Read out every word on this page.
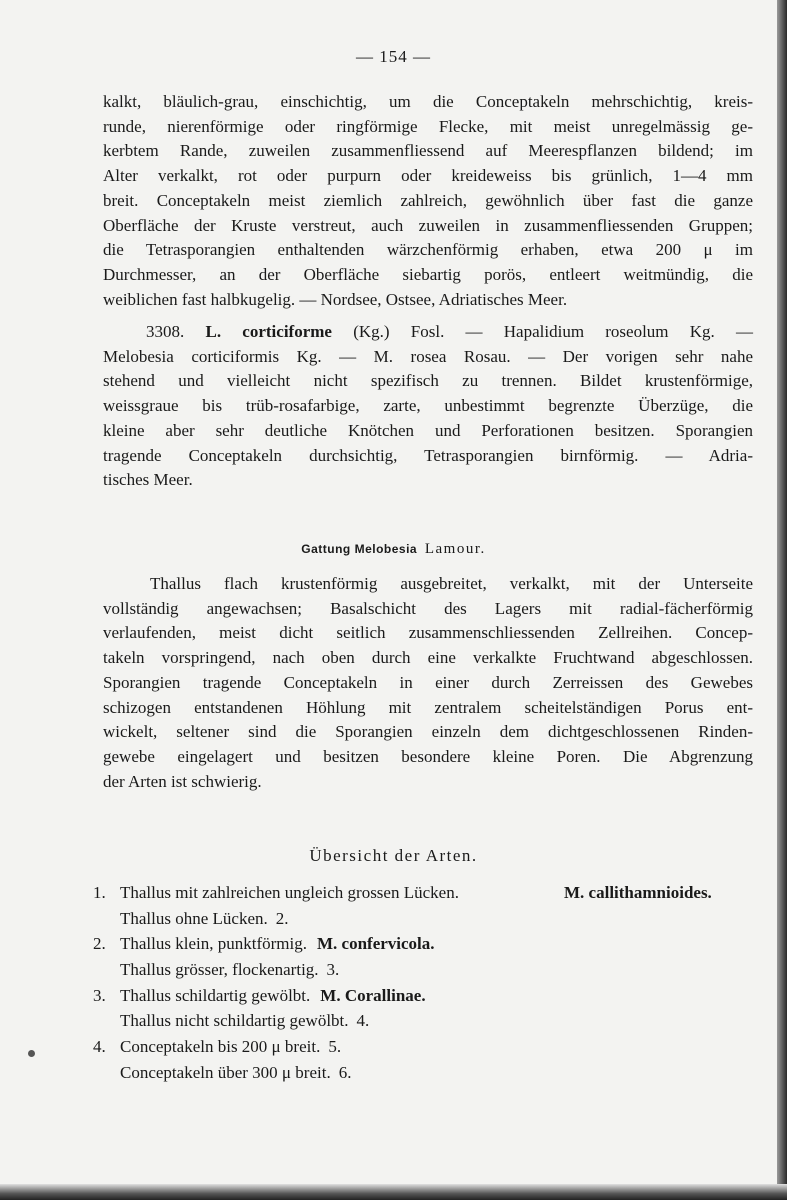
— 154 —
kalkt, bläulich-grau, einschichtig, um die Conceptakeln mehrschichtig, kreis-
runde, nierenförmige oder ringförmige Flecke, mit meist unregelmässig ge-
kerbtem Rande, zuweilen zusammenfliessend auf Meerespflanzen bildend; im
Alter verkalkt, rot oder purpurn oder kreideweiss bis grünlich, 1—4 mm
breit. Conceptakeln meist ziemlich zahlreich, gewöhnlich über fast die ganze
Oberfläche der Kruste verstreut, auch zuweilen in zusammenfliessenden Gruppen;
die Tetrasporangien enthaltenden wärzchenförmig erhaben, etwa 200 μ im
Durchmesser, an der Oberfläche siebartig porös, entleert weitmündig, die
weiblichen fast halbkugelig. — Nordsee, Ostsee, Adriatisches Meer.
3308. L. corticiforme (Kg.) Fosl. — Hapalidium roseolum Kg. —
Melobesia corticiformis Kg. — M. rosea Rosau. — Der vorigen sehr nahe
stehend und vielleicht nicht spezifisch zu trennen. Bildet krustenförmige,
weissgraue bis trüb-rosafarbige, zarte, unbestimmt begrenzte Überzüge, die
kleine aber sehr deutliche Knötchen und Perforationen besitzen. Sporangien
tragende Conceptakeln durchsichtig, Tetrasporangien birnförmig. — Adria-
tisches Meer.
Gattung Melobesia Lamour.
Thallus flach krustenförmig ausgebreitet, verkalkt, mit der Unterseite
vollständig angewachsen; Basalschicht des Lagers mit radial-fächerförmig
verlaufenden, meist dicht seitlich zusammenschliessenden Zellreihen. Concep-
takeln vorspringend, nach oben durch eine verkalkte Fruchtwand abgeschlossen.
Sporangien tragende Conceptakeln in einer durch Zerreissen des Gewebes
schizogen entstandenen Höhlung mit zentralem scheitelständigen Porus ent-
wickelt, seltener sind die Sporangien einzeln dem dichtgeschlossenen Rinden-
gewebe eingelagert und besitzen besondere kleine Poren. Die Abgrenzung
der Arten ist schwierig.
Übersicht der Arten.
1. Thallus mit zahlreichen ungleich grossen Lücken.	M. callithamnioides.
Thallus ohne Lücken. 2.
2. Thallus klein, punktförmig. M. confervicola.
Thallus grösser, flockenartig. 3.
3. Thallus schildartig gewölbt. M. Corallinae.
Thallus nicht schildartig gewölbt. 4.
4. Conceptakeln bis 200 μ breit. 5.
Conceptakeln über 300 μ breit. 6.
